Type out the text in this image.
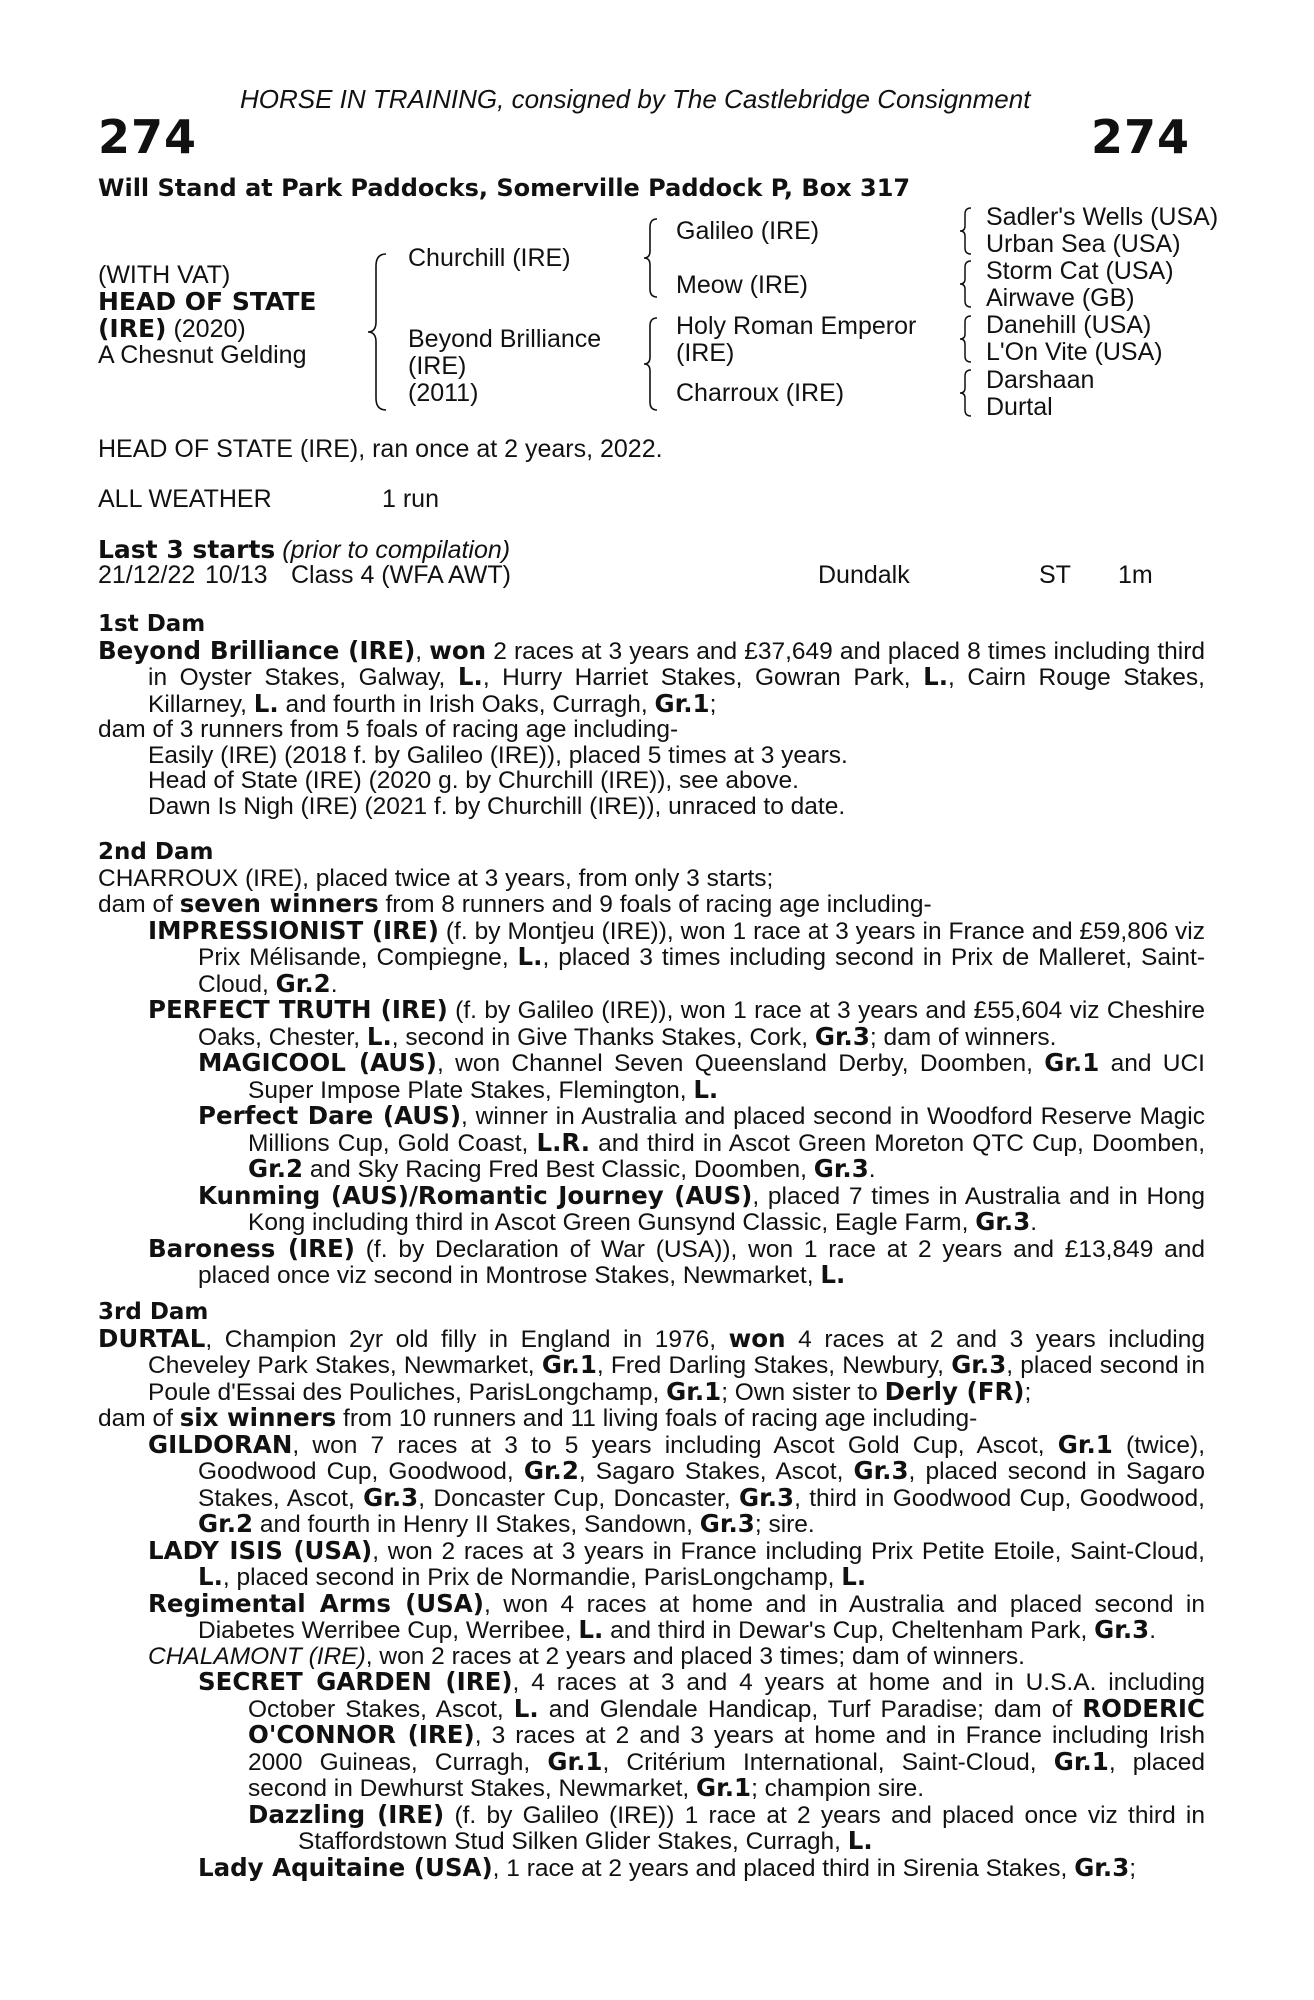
HORSE IN TRAINING, consigned by The Castlebridge Consignment
274	274
Will Stand at Park Paddocks, Somerville Paddock P, Box 317
(WITH VAT)
HEAD OF STATE
(IRE) (2020)
A Chesnut Gelding
Churchill (IRE)
Beyond Brilliance
(IRE)
(2011)
Galileo (IRE)
Meow (IRE)
Holy Roman Emperor
(IRE)
Charroux (IRE)
Sadler's Wells (USA)
Urban Sea (USA)
Storm Cat (USA)
Airwave (GB)
Danehill (USA)
L'On Vite (USA)
Darshaan
Durtal
HEAD OF STATE (IRE), ran once at 2 years, 2022.
ALL WEATHER	1 run
Last 3 starts (prior to compilation)
21/12/22 10/13 Class 4 (WFA AWT)	Dundalk	ST 1m

1st Dam

Beyond Brilliance (IRE), won 2 races at 3 years and £37,649 and placed 8 times including third in Oyster Stakes, Galway, L., Hurry Harriet Stakes, Gowran Park, L., Cairn Rouge Stakes, Killarney, L. and fourth in Irish Oaks, Curragh, Gr.1;

dam of 3 runners from 5 foals of racing age including-

Easily (IRE) (2018 f. by Galileo (IRE)), placed 5 times at 3 years.

Head of State (IRE) (2020 g. by Churchill (IRE)), see above.

Dawn Is Nigh (IRE) (2021 f. by Churchill (IRE)), unraced to date.

2nd Dam

CHARROUX (IRE), placed twice at 3 years, from only 3 starts;

dam of seven winners from 8 runners and 9 foals of racing age including-

IMPRESSIONIST (IRE) (f. by Montjeu (IRE)), won 1 race at 3 years in France and £59,806 viz Prix Mélisande, Compiegne, L., placed 3 times including second in Prix de Malleret, Saint-Cloud, Gr.2.

PERFECT TRUTH (IRE) (f. by Galileo (IRE)), won 1 race at 3 years and £55,604 viz Cheshire Oaks, Chester, L., second in Give Thanks Stakes, Cork, Gr.3; dam of winners.

MAGICOOL (AUS), won Channel Seven Queensland Derby, Doomben, Gr.1 and UCI Super Impose Plate Stakes, Flemington, L.

Perfect Dare (AUS), winner in Australia and placed second in Woodford Reserve Magic Millions Cup, Gold Coast, L.R. and third in Ascot Green Moreton QTC Cup, Doomben, Gr.2 and Sky Racing Fred Best Classic, Doomben, Gr.3.

Kunming (AUS)/Romantic Journey (AUS), placed 7 times in Australia and in Hong Kong including third in Ascot Green Gunsynd Classic, Eagle Farm, Gr.3.

Baroness (IRE) (f. by Declaration of War (USA)), won 1 race at 2 years and £13,849 and placed once viz second in Montrose Stakes, Newmarket, L.

3rd Dam

DURTAL, Champion 2yr old filly in England in 1976, won 4 races at 2 and 3 years including Cheveley Park Stakes, Newmarket, Gr.1, Fred Darling Stakes, Newbury, Gr.3, placed second in Poule d'Essai des Pouliches, ParisLongchamp, Gr.1; Own sister to Derly (FR);

dam of six winners from 10 runners and 11 living foals of racing age including-

GILDORAN, won 7 races at 3 to 5 years including Ascot Gold Cup, Ascot, Gr.1 (twice), Goodwood Cup, Goodwood, Gr.2, Sagaro Stakes, Ascot, Gr.3, placed second in Sagaro Stakes, Ascot, Gr.3, Doncaster Cup, Doncaster, Gr.3, third in Goodwood Cup, Goodwood, Gr.2 and fourth in Henry II Stakes, Sandown, Gr.3; sire.

LADY ISIS (USA), won 2 races at 3 years in France including Prix Petite Etoile, Saint-Cloud, L., placed second in Prix de Normandie, ParisLongchamp, L.

Regimental Arms (USA), won 4 races at home and in Australia and placed second in Diabetes Werribee Cup, Werribee, L. and third in Dewar's Cup, Cheltenham Park, Gr.3.

CHALAMONT (IRE), won 2 races at 2 years and placed 3 times; dam of winners.

SECRET GARDEN (IRE), 4 races at 3 and 4 years at home and in U.S.A. including October Stakes, Ascot, L. and Glendale Handicap, Turf Paradise; dam of RODERIC O'CONNOR (IRE), 3 races at 2 and 3 years at home and in France including Irish 2000 Guineas, Curragh, Gr.1, Critérium International, Saint-Cloud, Gr.1, placed second in Dewhurst Stakes, Newmarket, Gr.1; champion sire.

Dazzling (IRE) (f. by Galileo (IRE)) 1 race at 2 years and placed once viz third in Staffordstown Stud Silken Glider Stakes, Curragh, L.

Lady Aquitaine (USA), 1 race at 2 years and placed third in Sirenia Stakes, Gr.3;
